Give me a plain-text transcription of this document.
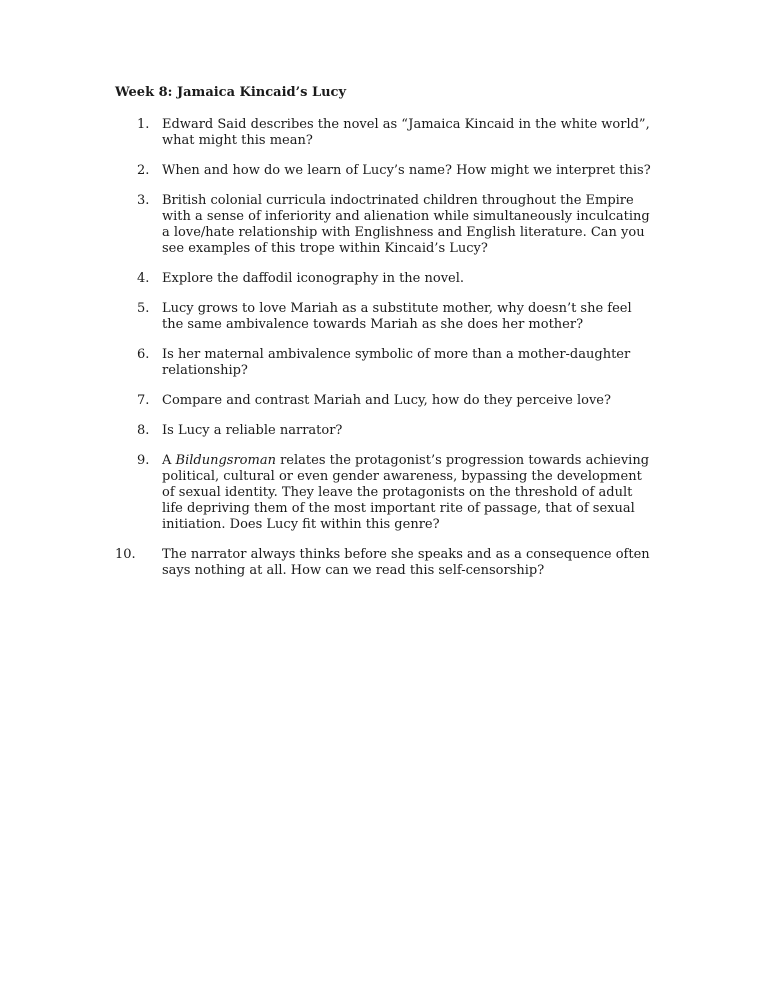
Week 8: Jamaica Kincaid’s Lucy
1. Edward Said describes the novel as “Jamaica Kincaid in the white world”,
what might this mean?
2. When and how do we learn of Lucy’s name? How might we interpret this?
3. British colonial curricula indoctrinated children throughout the Empire
with a sense of inferiority and alienation while simultaneously inculcating
a love/hate relationship with Englishness and English literature. Can you
see examples of this trope within Kincaid’s Lucy?
4. Explore the daffodil iconography in the novel.
5. Lucy grows to love Mariah as a substitute mother, why doesn’t she feel
the same ambivalence towards Mariah as she does her mother?
6. Is her maternal ambivalence symbolic of more than a mother-daughter
relationship?
7. Compare and contrast Mariah and Lucy, how do they perceive love?
8. Is Lucy a reliable narrator?
9. A Bildungsroman relates the protagonist’s progression towards achieving
political, cultural or even gender awareness, bypassing the development
of sexual identity. They leave the protagonists on the threshold of adult
life depriving them of the most important rite of passage, that of sexual
initiation. Does Lucy fit within this genre?
10. The narrator always thinks before she speaks and as a consequence often
says nothing at all. How can we read this self-censorship?
